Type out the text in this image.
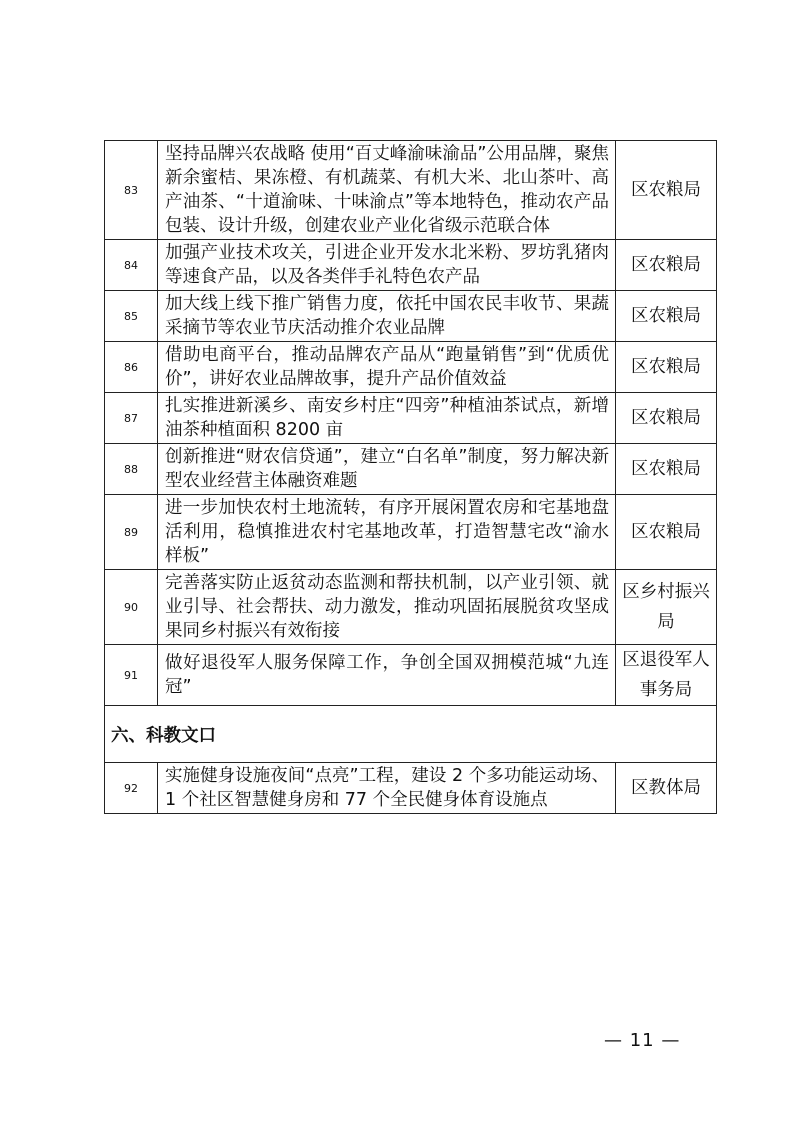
83	坚持品牌兴农战略 使用“百丈峰渝味渝品”公用品牌，聚焦新余蜜桔、果冻橙、有机蔬菜、有机大米、北山茶叶、高产油茶、“十道渝味、十味渝点”等本地特色，推动农产品包装、设计升级，创建农业产业化省级示范联合体	区农粮局
84	加强产业技术攻关，引进企业开发水北米粉、罗坊乳猪肉等速食产品，以及各类伴手礼特色农产品	区农粮局
85	加大线上线下推广销售力度，依托中国农民丰收节、果蔬采摘节等农业节庆活动推介农业品牌	区农粮局
86	借助电商平台，推动品牌农产品从“跑量销售”到“优质优价”，讲好农业品牌故事，提升产品价值效益	区农粮局
87	扎实推进新溪乡、南安乡村庄“四旁”种植油茶试点，新增油茶种植面积 8200 亩	区农粮局
88	创新推进“财农信贷通”，建立“白名单”制度，努力解决新型农业经营主体融资难题	区农粮局
89	进一步加快农村土地流转，有序开展闲置农房和宅基地盘活利用，稳慎推进农村宅基地改革，打造智慧宅改“渝水样板”	区农粮局
90	完善落实防止返贫动态监测和帮扶机制，以产业引领、就业引导、社会帮扶、动力激发，推动巩固拓展脱贫攻坚成果同乡村振兴有效衔接	区乡村振兴局
91	做好退役军人服务保障工作，争创全国双拥模范城“九连冠”	区退役军人事务局
六、科教文口		
92	实施健身设施夜间“点亮”工程，建设 2 个多功能运动场、1 个社区智慧健身房和 77 个全民健身体育设施点	区教体局
— 11 —
